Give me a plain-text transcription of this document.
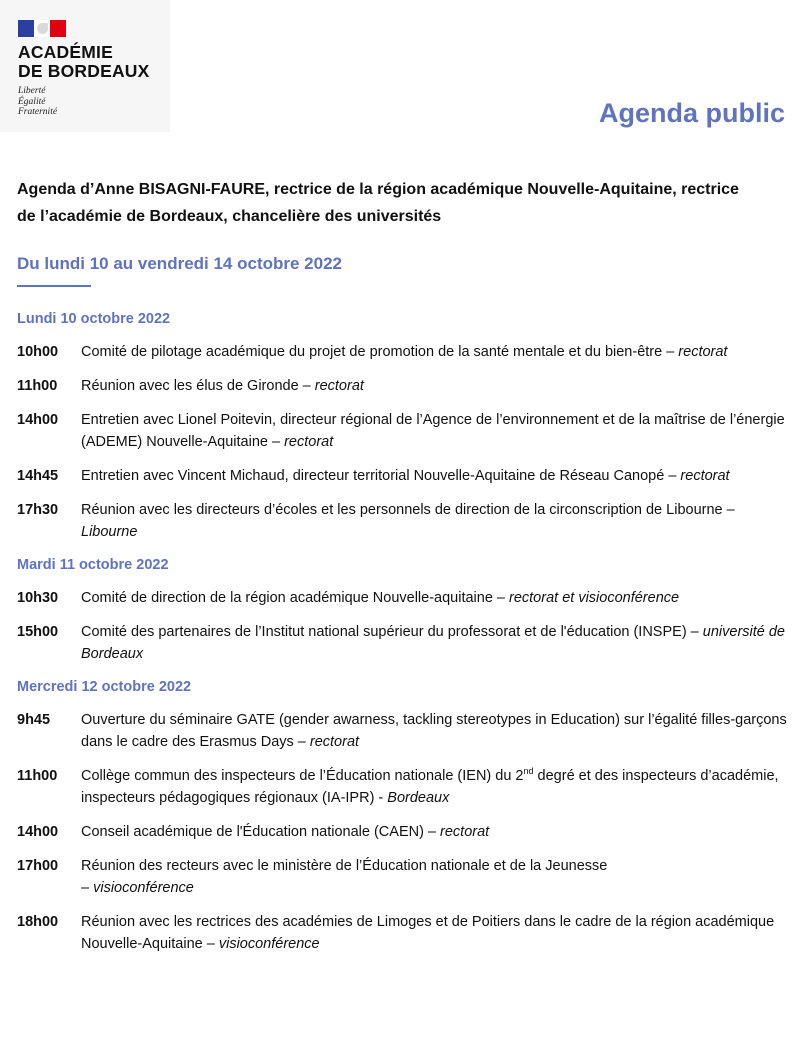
ACADÉMIE
DE BORDEAUX
Liberté
Égalité
Fraternité	Agenda public
Agenda d’Anne BISAGNI-FAURE, rectrice de la région académique Nouvelle-Aquitaine, rectrice de l’académie de Bordeaux, chancelière des universités
Du lundi 10 au vendredi 14 octobre 2022
Lundi 10 octobre 2022
10h00	Comité de pilotage académique du projet de promotion de la santé mentale et du bien-être – rectorat
11h00	Réunion avec les élus de Gironde – rectorat
14h00	Entretien avec Lionel Poitevin, directeur régional de l’Agence de l’environnement et de la maîtrise de l’énergie (ADEME) Nouvelle-Aquitaine – rectorat
14h45	Entretien avec Vincent Michaud, directeur territorial Nouvelle-Aquitaine de Réseau Canopé – rectorat
17h30	Réunion avec les directeurs d’écoles et les personnels de direction de la circonscription de Libourne – Libourne
Mardi 11 octobre 2022
10h30	Comité de direction de la région académique Nouvelle-aquitaine – rectorat et visioconférence
15h00	Comité des partenaires de l’Institut national supérieur du professorat et de l'éducation (INSPE) – université de Bordeaux
Mercredi 12 octobre 2022
9h45	Ouverture du séminaire GATE (gender awarness, tackling stereotypes in Education) sur l’égalité filles-garçons dans le cadre des Erasmus Days – rectorat
11h00	Collège commun des inspecteurs de l’Éducation nationale (IEN) du 2nd degré et des inspecteurs d’académie, inspecteurs pédagogiques régionaux (IA-IPR) - Bordeaux
14h00	Conseil académique de l'Éducation nationale (CAEN) – rectorat
17h00	Réunion des recteurs avec le ministère de l’Éducation nationale et de la Jeunesse
– visioconférence
18h00	Réunion avec les rectrices des académies de Limoges et de Poitiers dans le cadre de la région académique Nouvelle-Aquitaine – visioconférence
